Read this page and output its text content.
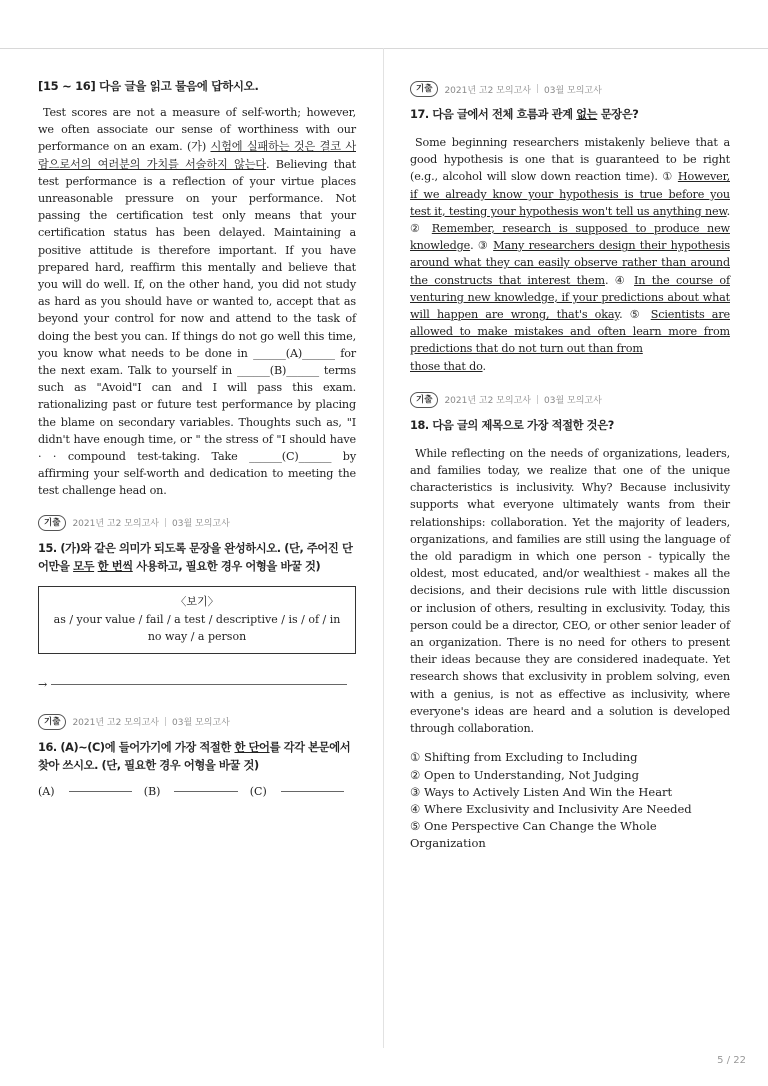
[15 ~ 16] 다음 글을 읽고 물음에 답하시오.

Test scores are not a measure of self-worth; however, we often associate our sense of worthiness with our performance on an exam. (가) 시험에 실패하는 것은 결코 사람으로서의 여러분의 가치를 서술하지 않는다. Believing that test performance is a reflection of your virtue places unreasonable pressure on your performance. Not passing the certification test only means that your certification status has been delayed. Maintaining a positive attitude is therefore important. If you have prepared hard, reaffirm this mentally and believe that you will do well. If, on the other hand, you did not study as hard as you should have or wanted to, accept that as beyond your control for now and attend to the task of doing the best you can. If things do not go well this time, you know what needs to be done in ______(A)______ for the next exam. Talk to yourself in ______(B)______ terms such as "Avoid"I can and I will pass this exam. rationalizing past or future test performance by placing the blame on secondary variables. Thoughts such as, "I didn't have enough time, or " the stress of "I should have · · compound test-taking. Take ______(C)______ by affirming your self-worth and dedication to meeting the test challenge head on.

기출	2021년 고2 모의고사 | 03월 모의고사
15. (가)와 같은 의미가 되도록 문장을 완성하시오. (단, 주어진 단어만을 모두 한 번씩 사용하고, 필요한 경우 어형을 바꿀 것)
〈보기〉
as / your value / fail / a test / descriptive / is / of / in no way / a person
→
기출	2021년 고2 모의고사 | 03월 모의고사
16. (A)~(C)에 들어가기에 가장 적절한 한 단어를 각각 본문에서 찾아 쓰시오. (단, 필요한 경우 어형을 바꿀 것)
(A)	(B)	(C)
기출	2021년 고2 모의고사 | 03월 모의고사
17. 다음 글에서 전체 흐름과 관계 없는 문장은?

Some beginning researchers mistakenly believe that a good hypothesis is one that is guaranteed to be right (e.g., alcohol will slow down reaction time). ① However, if we already know your hypothesis is true before you test it, testing your hypothesis won't tell us anything new. ② Remember, research is supposed to produce new knowledge. ③ Many researchers design their hypothesis around what they can easily observe rather than around the constructs that interest them. ④ In the course of venturing new knowledge, if your predictions about what will happen are wrong, that's okay. ⑤ Scientists are allowed to make mistakes and often learn more from predictions that do not turn out than from
those that do.

기출	2021년 고2 모의고사 | 03월 모의고사
18. 다음 글의 제목으로 가장 적절한 것은?

While reflecting on the needs of organizations, leaders, and families today, we realize that one of the unique characteristics is inclusivity. Why? Because inclusivity supports what everyone ultimately wants from their relationships: collaboration. Yet the majority of leaders, organizations, and families are still using the language of the old paradigm in which one person - typically the oldest, most educated, and/or wealthiest - makes all the decisions, and their decisions rule with little discussion or inclusion of others, resulting in exclusivity. Today, this person could be a director, CEO, or other senior leader of an organization. There is no need for others to present their ideas because they are considered inadequate. Yet research shows that exclusivity in problem solving, even with a genius, is not as effective as inclusivity, where everyone's ideas are heard and a solution is developed through collaboration.

① Shifting from Excluding to Including
② Open to Understanding, Not Judging
③ Ways to Actively Listen And Win the Heart
④ Where Exclusivity and Inclusivity Are Needed
⑤ One Perspective Can Change the Whole Organization
5 / 22
